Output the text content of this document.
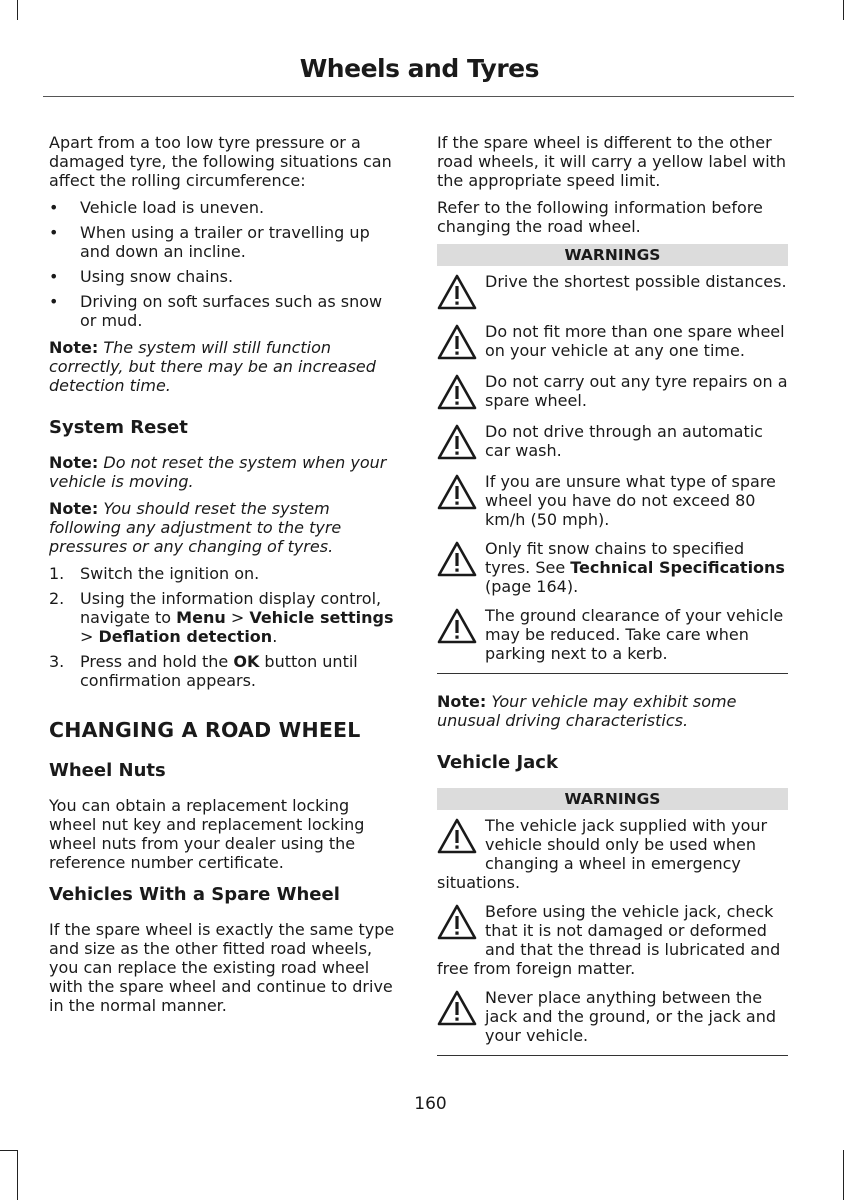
Wheels and Tyres

Apart from a too low tyre pressure or a damaged tyre, the following situations can affect the rolling circumference:

• Vehicle load is uneven.
• When using a trailer or travelling up and down an incline.
• Using snow chains.
• Driving on soft surfaces such as snow or mud.

Note: The system will still function correctly, but there may be an increased detection time.

System Reset

Note: Do not reset the system when your vehicle is moving.

Note: You should reset the system following any adjustment to the tyre pressures or any changing of tyres.

1. Switch the ignition on.
2. Using the information display control, navigate to Menu > Vehicle settings > Deflation detection.
3. Press and hold the OK button until confirmation appears.
CHANGING A ROAD WHEEL
Wheel Nuts

You can obtain a replacement locking wheel nut key and replacement locking wheel nuts from your dealer using the reference number certificate.

Vehicles With a Spare Wheel

If the spare wheel is exactly the same type and size as the other fitted road wheels, you can replace the existing road wheel with the spare wheel and continue to drive in the normal manner.

If the spare wheel is different to the other road wheels, it will carry a yellow label with the appropriate speed limit.

Refer to the following information before changing the road wheel.

WARNINGS
Drive the shortest possible distances.
Do not fit more than one spare wheel on your vehicle at any one time.
Do not carry out any tyre repairs on a spare wheel.
Do not drive through an automatic car wash.
If you are unsure what type of spare wheel you have do not exceed 80 km/h (50 mph).
Only fit snow chains to specified tyres. See Technical Specifications (page 164).
The ground clearance of your vehicle may be reduced. Take care when parking next to a kerb.

Note: Your vehicle may exhibit some unusual driving characteristics.

Vehicle Jack
WARNINGS
The vehicle jack supplied with your vehicle should only be used when changing a wheel in emergency situations.
Before using the vehicle jack, check that it is not damaged or deformed and that the thread is lubricated and free from foreign matter.
Never place anything between the jack and the ground, or the jack and your vehicle.
160
